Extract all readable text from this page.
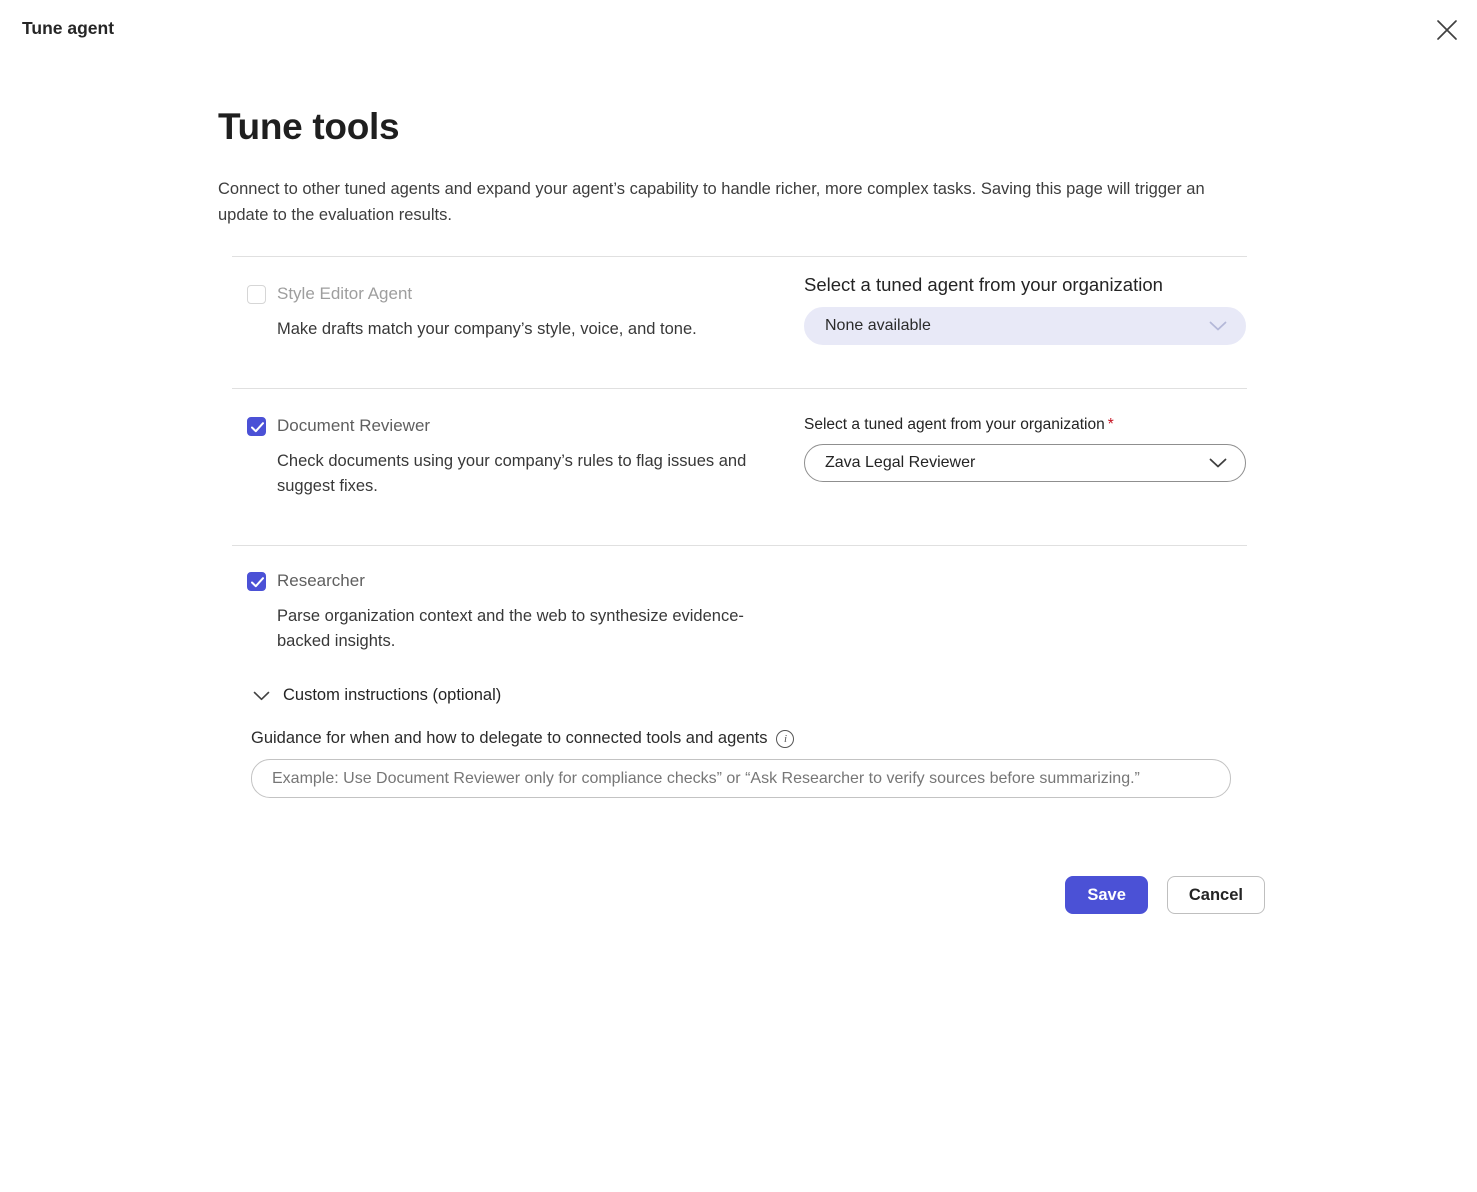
Tune agent
Tune tools

Connect to other tuned agents and expand your agent’s capability to handle richer, more complex tasks. Saving this page will trigger an update to the evaluation results.

Style Editor Agent
Make drafts match your company’s style, voice, and tone.
Select a tuned agent from your organization
None available
Document Reviewer
Check documents using your company’s rules to flag issues and suggest fixes.
Select a tuned agent from your organization *
Zava Legal Reviewer
Researcher
Parse organization context and the web to synthesize evidence-backed insights.
Custom instructions (optional)
Guidance for when and how to delegate to connected tools and agents	i
Example: Use Document Reviewer only for compliance checks” or “Ask Researcher to verify sources before summarizing.”
Save	Cancel
